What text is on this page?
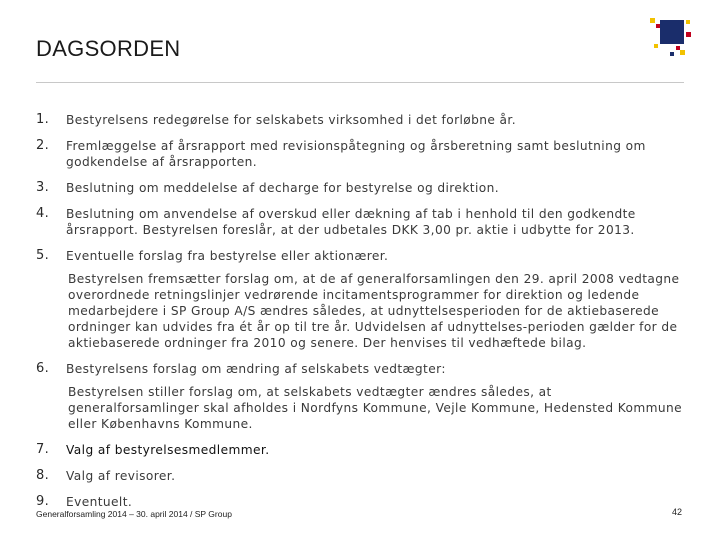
DAGSORDEN
1. Bestyrelsens redegørelse for selskabets virksomhed i det forløbne år.
2. Fremlæggelse af årsrapport med revisionspåtegning og årsberetning samt beslutning om godkendelse af årsrapporten.
3. Beslutning om meddelelse af decharge for bestyrelse og direktion.
4. Beslutning om anvendelse af overskud eller dækning af tab i henhold til den godkendte årsrapport. Bestyrelsen foreslår, at der udbetales DKK 3,00 pr. aktie i udbytte for 2013.
5. Eventuelle forslag fra bestyrelse eller aktionærer.
Bestyrelsen fremsætter forslag om, at de af generalforsamlingen den 29. april 2008 vedtagne overordnede retningslinjer vedrørende incitamentsprogrammer for direktion og ledende medarbejdere i SP Group A/S ændres således, at udnyttelsesperioden for de aktiebaserede ordninger kan udvides fra ét år op til tre år. Udvidelsen af udnyttelses-perioden gælder for de aktiebaserede ordninger fra 2010 og senere. Der henvises til vedhæftede bilag.
6. Bestyrelsens forslag om ændring af selskabets vedtægter:
Bestyrelsen stiller forslag om, at selskabets vedtægter ændres således, at generalforsamlinger skal afholdes i Nordfyns Kommune, Vejle Kommune, Hedensted Kommune eller Københavns Kommune.
7. Valg af bestyrelsesmedlemmer.
8. Valg af revisorer.
9. Eventuelt.
Generalforsamling 2014 – 30. april 2014 / SP Group	42
